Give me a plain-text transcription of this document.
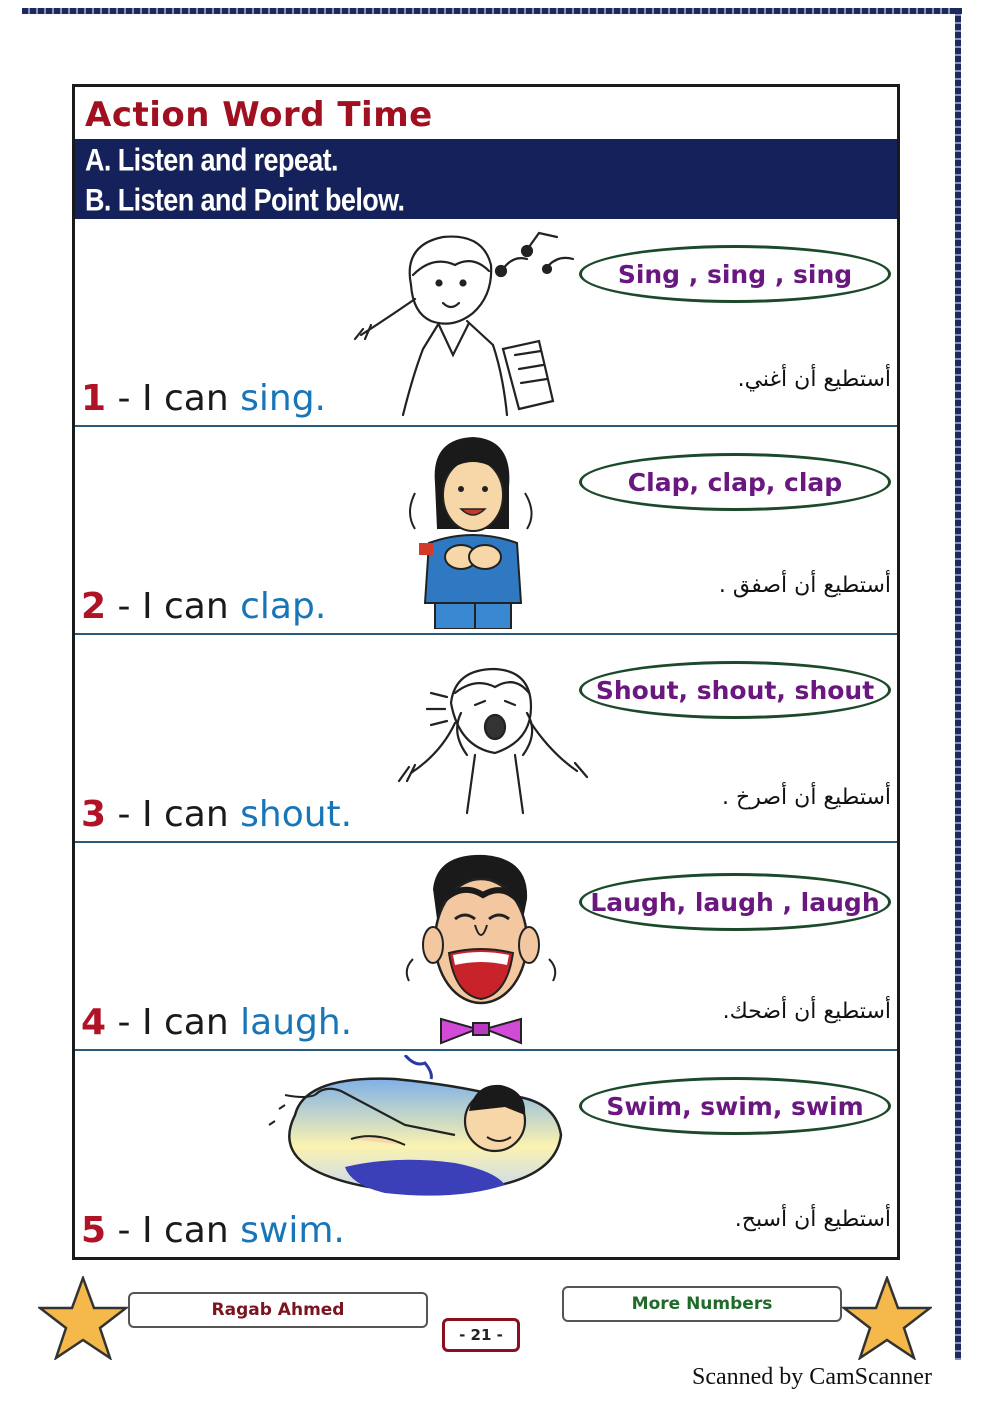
Action Word Time
A. Listen and repeat.
B. Listen and Point below.
1 - I can sing.
Sing , sing , sing
أستطيع أن أغني.
2 - I can clap.
Clap, clap, clap
أستطيع أن أصفق .
3 - I can shout.
Shout, shout, shout
أستطيع أن أصرخ .
4 - I can laugh.
Laugh, laugh , laugh
أستطيع أن أضحك.
5 - I can swim.
Swim, swim, swim
أستطيع أن أسبح.
Ragab Ahmed
- 21 -
More Numbers
Scanned by CamScanner
